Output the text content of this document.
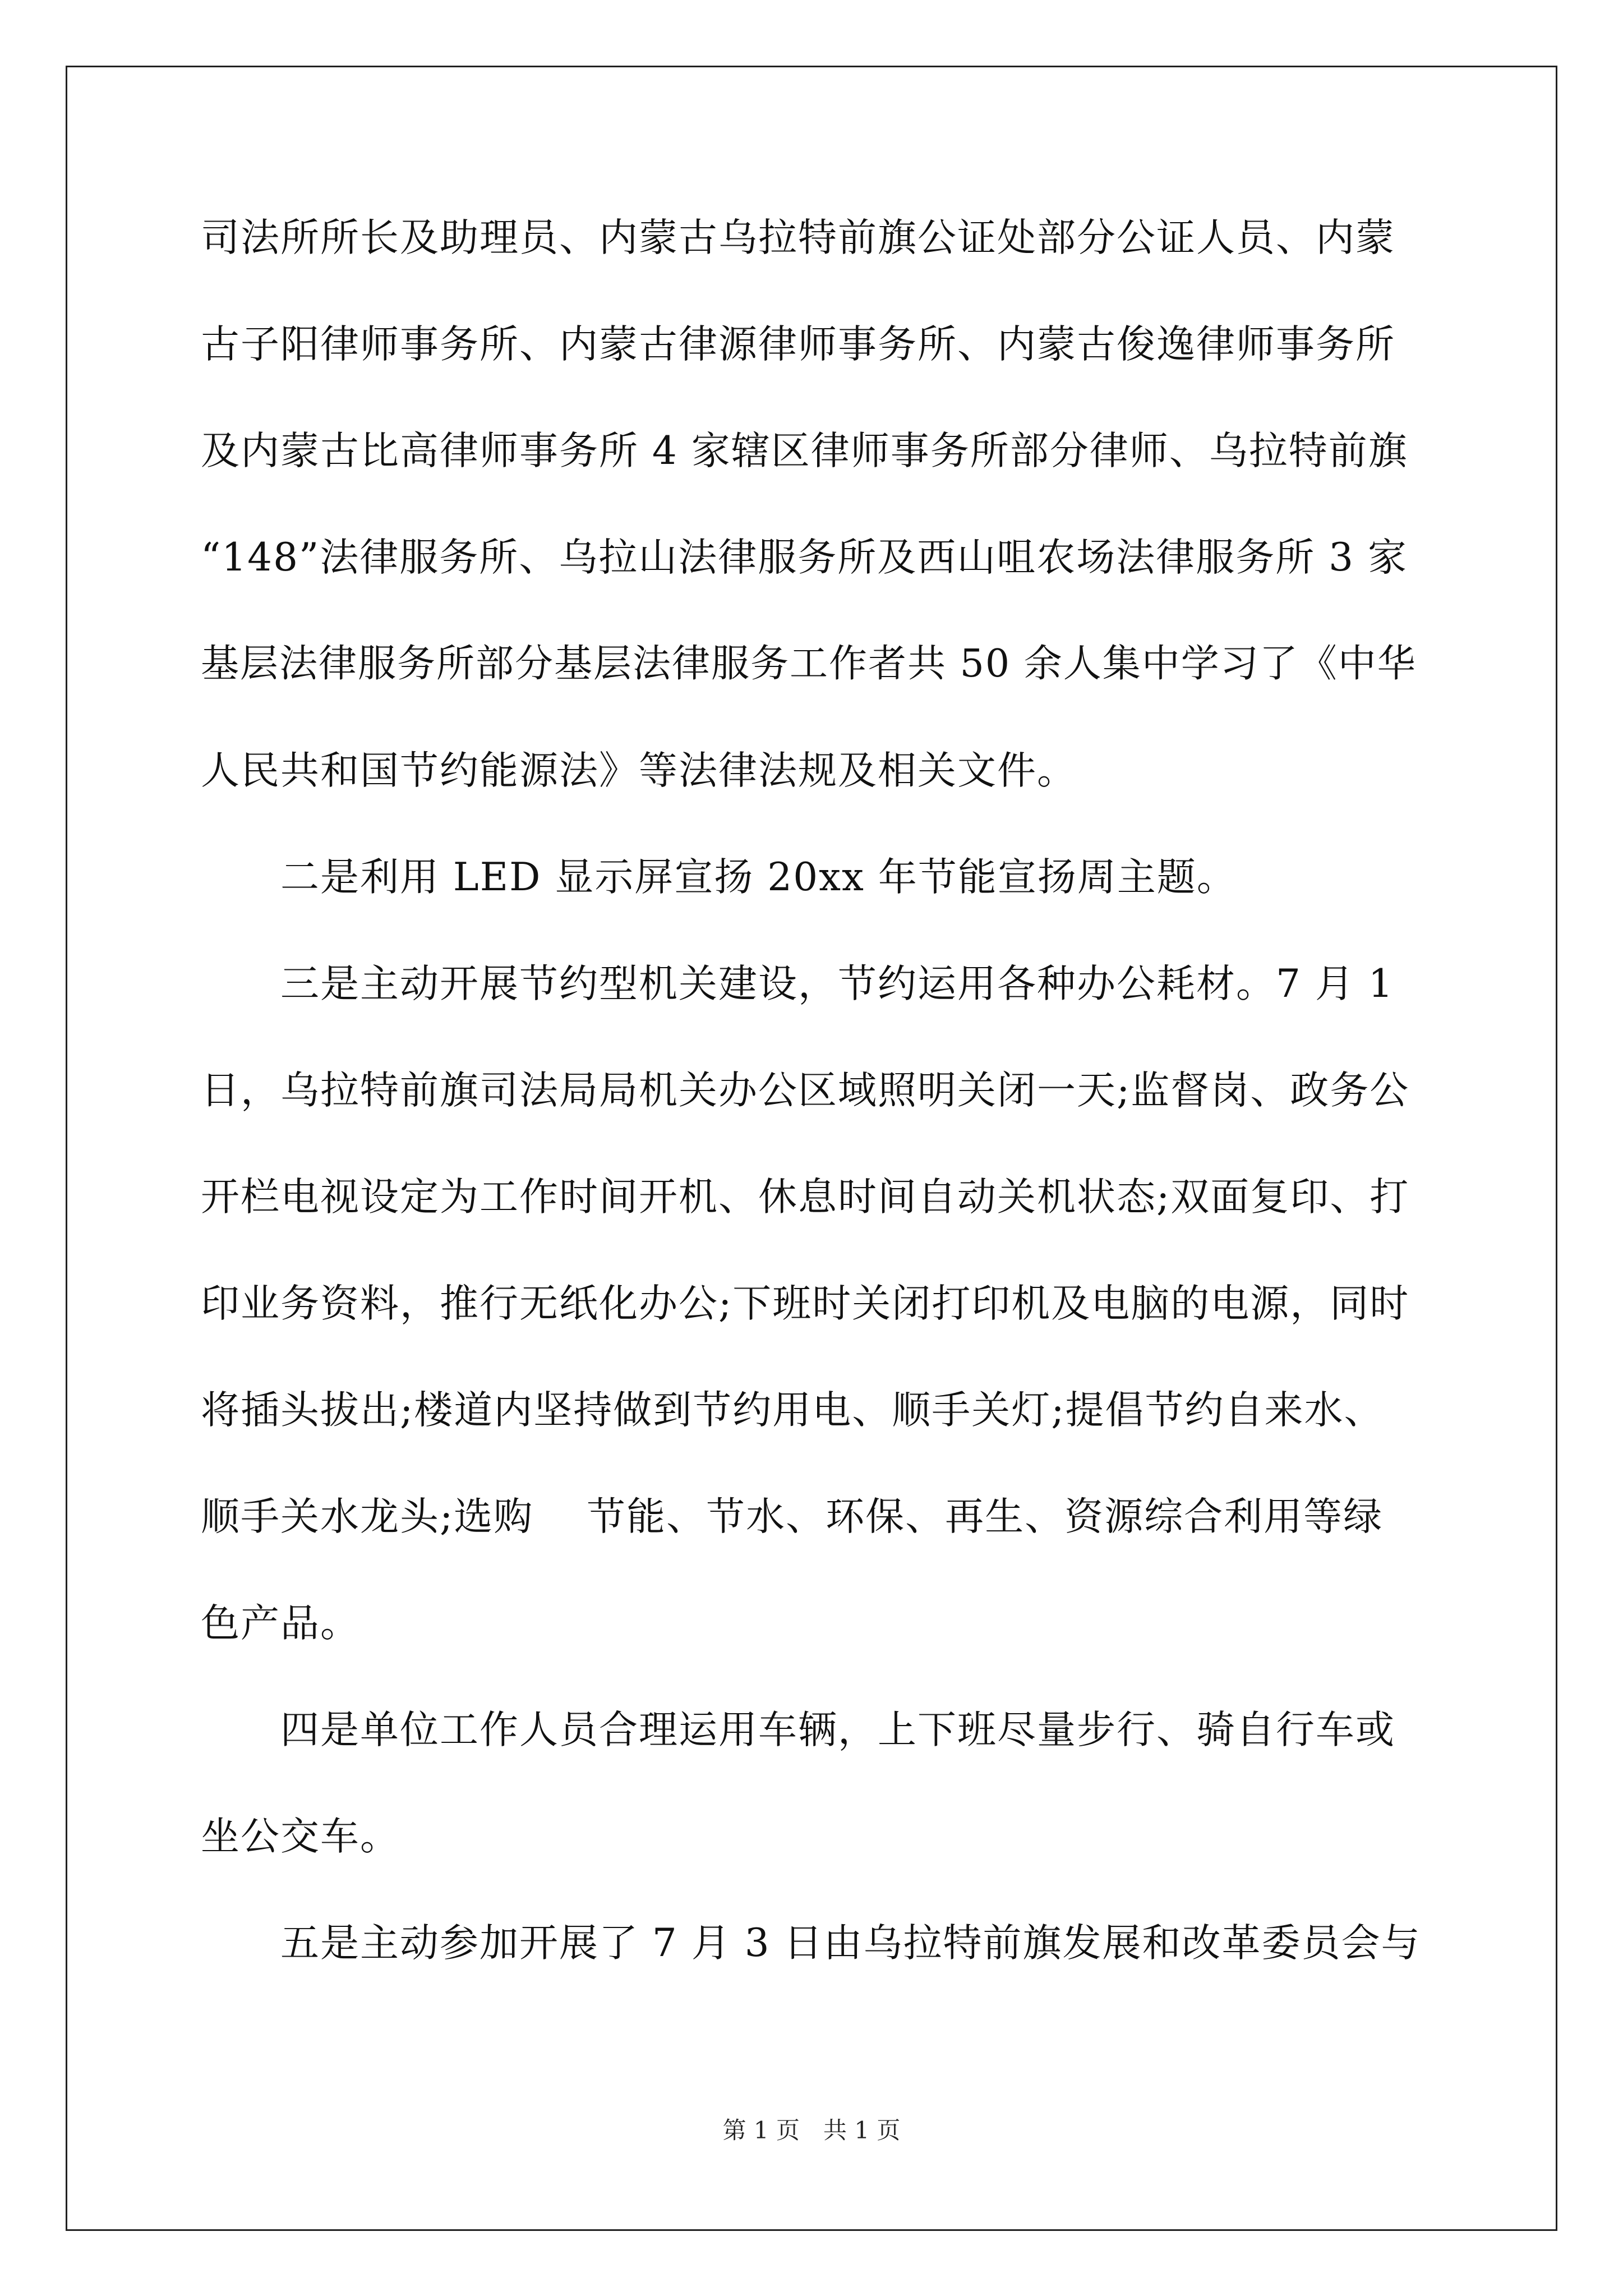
司法所所长及助理员、内蒙古乌拉特前旗公证处部分公证人员、内蒙
古子阳律师事务所、内蒙古律源律师事务所、内蒙古俊逸律师事务所
及内蒙古比高律师事务所 4 家辖区律师事务所部分律师、乌拉特前旗
“148”法律服务所、乌拉山法律服务所及西山咀农场法律服务所 3 家
基层法律服务所部分基层法律服务工作者共 50 余人集中学习了《中华
人民共和国节约能源法》等法律法规及相关文件。
二是利用 LED 显示屏宣扬 20xx 年节能宣扬周主题。
三是主动开展节约型机关建设，节约运用各种办公耗材。7 月 1
日，乌拉特前旗司法局局机关办公区域照明关闭一天;监督岗、政务公
开栏电视设定为工作时间开机、休息时间自动关机状态;双面复印、打
印业务资料，推行无纸化办公;下班时关闭打印机及电脑的电源，同时
将插头拔出;楼道内坚持做到节约用电、顺手关灯;提倡节约自来水、
顺手关水龙头;选购　 节能、节水、环保、再生、资源综合利用等绿
色产品。
四是单位工作人员合理运用车辆，上下班尽量步行、骑自行车或
坐公交车。
五是主动参加开展了 7 月 3 日由乌拉特前旗发展和改革委员会与
第 1 页　共 1 页
